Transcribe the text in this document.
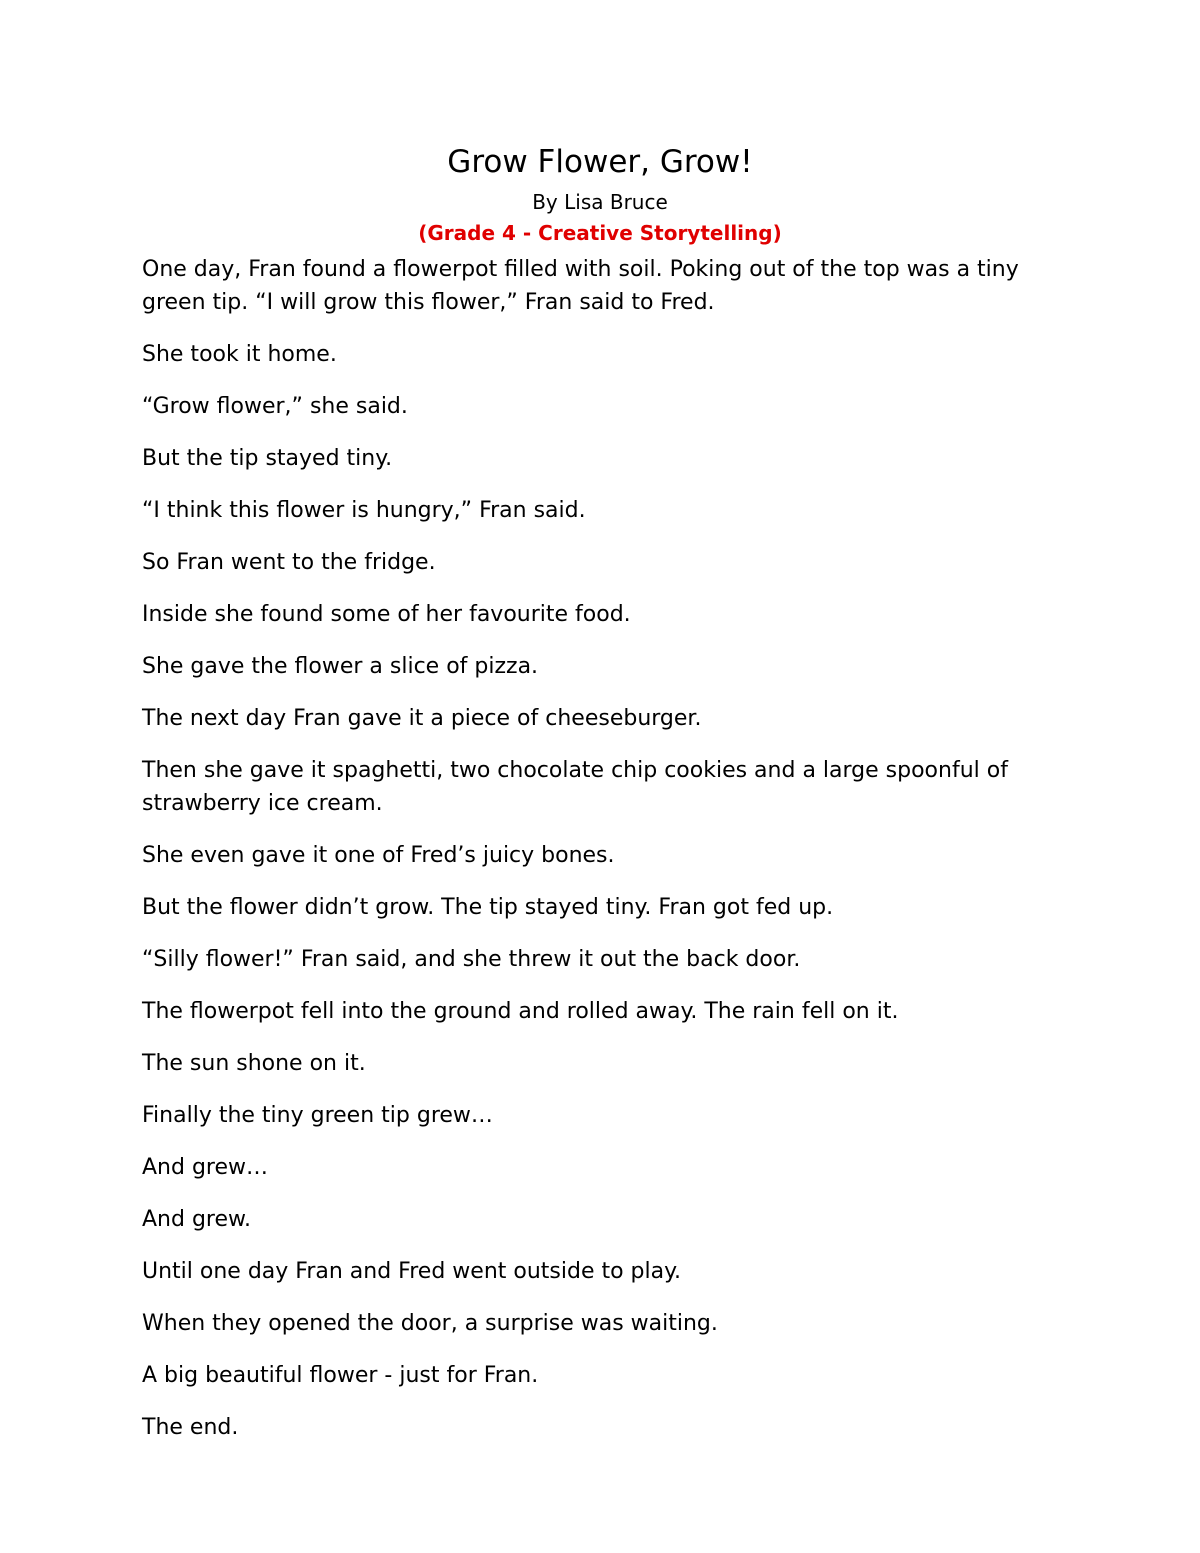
Grow Flower, Grow!
By Lisa Bruce
(Grade 4 - Creative Storytelling)

One day, Fran found a flowerpot filled with soil. Poking out of the top was a tiny green tip. “I will grow this flower,” Fran said to Fred.

She took it home.

“Grow flower,” she said.

But the tip stayed tiny.

“I think this flower is hungry,” Fran said.

So Fran went to the fridge.

Inside she found some of her favourite food.

She gave the flower a slice of pizza.

The next day Fran gave it a piece of cheeseburger.

Then she gave it spaghetti, two chocolate chip cookies and a large spoonful of strawberry ice cream.

She even gave it one of Fred’s juicy bones.

But the flower didn’t grow. The tip stayed tiny. Fran got fed up.

“Silly flower!” Fran said, and she threw it out the back door.

The flowerpot fell into the ground and rolled away. The rain fell on it.

The sun shone on it.

Finally the tiny green tip grew…

And grew…

And grew.

Until one day Fran and Fred went outside to play.

When they opened the door, a surprise was waiting.

A big beautiful flower - just for Fran.

The end.
